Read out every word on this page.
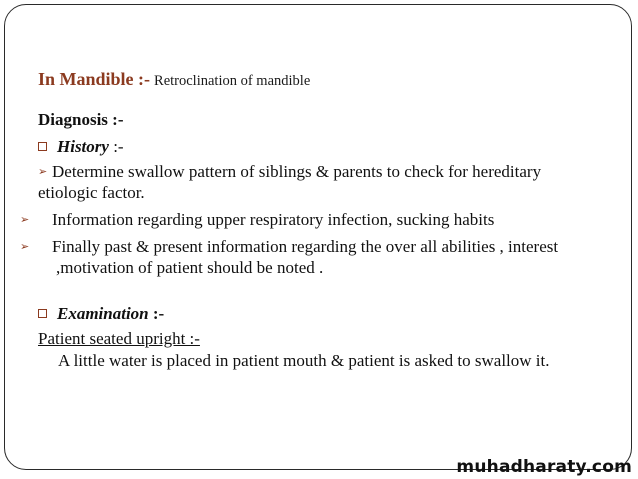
In Mandible :- Retroclination of mandible
Diagnosis :-
History :-
➢ Determine swallow pattern of siblings & parents to check for hereditary etiologic factor.
➢ Information regarding upper respiratory infection, sucking habits
➢ Finally past & present information regarding the over all abilities , interest ,motivation of patient should be noted .
Examination :-
Patient seated upright :-
A little water is placed in patient mouth & patient is asked to swallow it.
muhadharaty.com
